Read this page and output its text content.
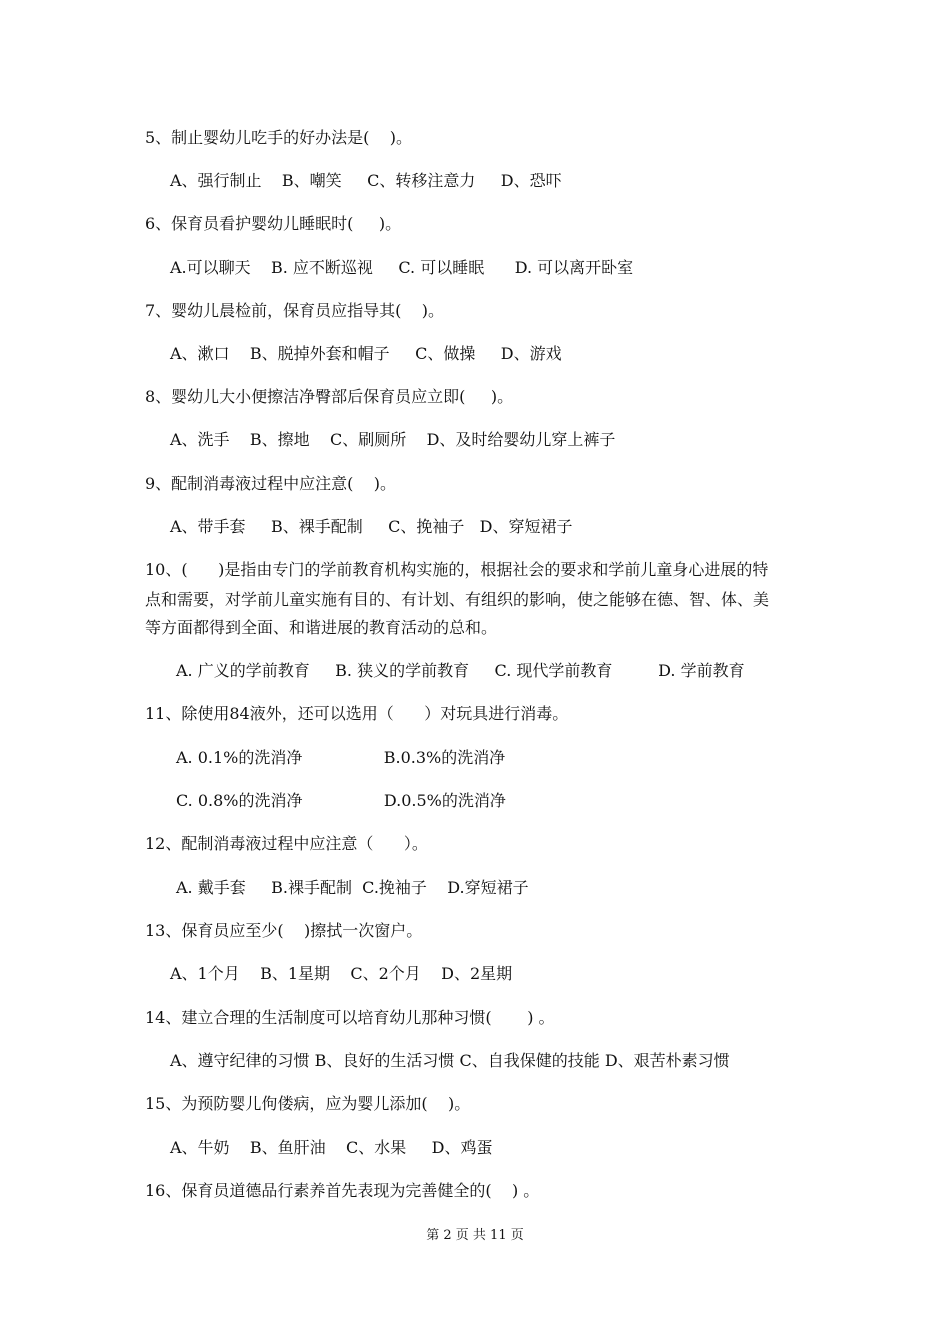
5、制止婴幼儿吃手的好办法是(    )。
A、强行制止    B、嘲笑     C、转移注意力     D、恐吓
6、保育员看护婴幼儿睡眠时(     )。
A.可以聊天    B. 应不断巡视     C. 可以睡眠      D. 可以离开卧室
7、婴幼儿晨检前，保育员应指导其(    )。
A、漱口    B、脱掉外套和帽子     C、做操     D、游戏
8、婴幼儿大小便擦洁净臀部后保育员应立即(     )。
A、洗手    B、擦地    C、刷厕所    D、及时给婴幼儿穿上裤子
9、配制消毒液过程中应注意(    )。
A、带手套     B、裸手配制     C、挽袖子   D、穿短裙子
10、(      )是指由专门的学前教育机构实施的，根据社会的要求和学前儿童身心进展的特
点和需要，对学前儿童实施有目的、有计划、有组织的影响，使之能够在德、智、体、美
等方面都得到全面、和谐进展的教育活动的总和。
A. 广义的学前教育     B. 狭义的学前教育     C. 现代学前教育         D. 学前教育
11、除使用84液外，还可以选用（      ）对玩具进行消毒。
A. 0.1%的洗消净                B.0.3%的洗消净
C. 0.8%的洗消净                D.0.5%的洗消净
12、配制消毒液过程中应注意（      ）。
A. 戴手套     B.裸手配制  C.挽袖子    D.穿短裙子
13、保育员应至少(    )擦拭一次窗户。
A、1个月    B、1星期    C、2个月    D、2星期
14、建立合理的生活制度可以培育幼儿那种习惯(       ) 。
A、遵守纪律的习惯 B、良好的生活习惯 C、自我保健的技能 D、艰苦朴素习惯
15、为预防婴儿佝偻病，应为婴儿添加(    )。
A、牛奶    B、鱼肝油    C、水果     D、鸡蛋
16、保育员道德品行素养首先表现为完善健全的(    ) 。
第 2 页 共 11 页
